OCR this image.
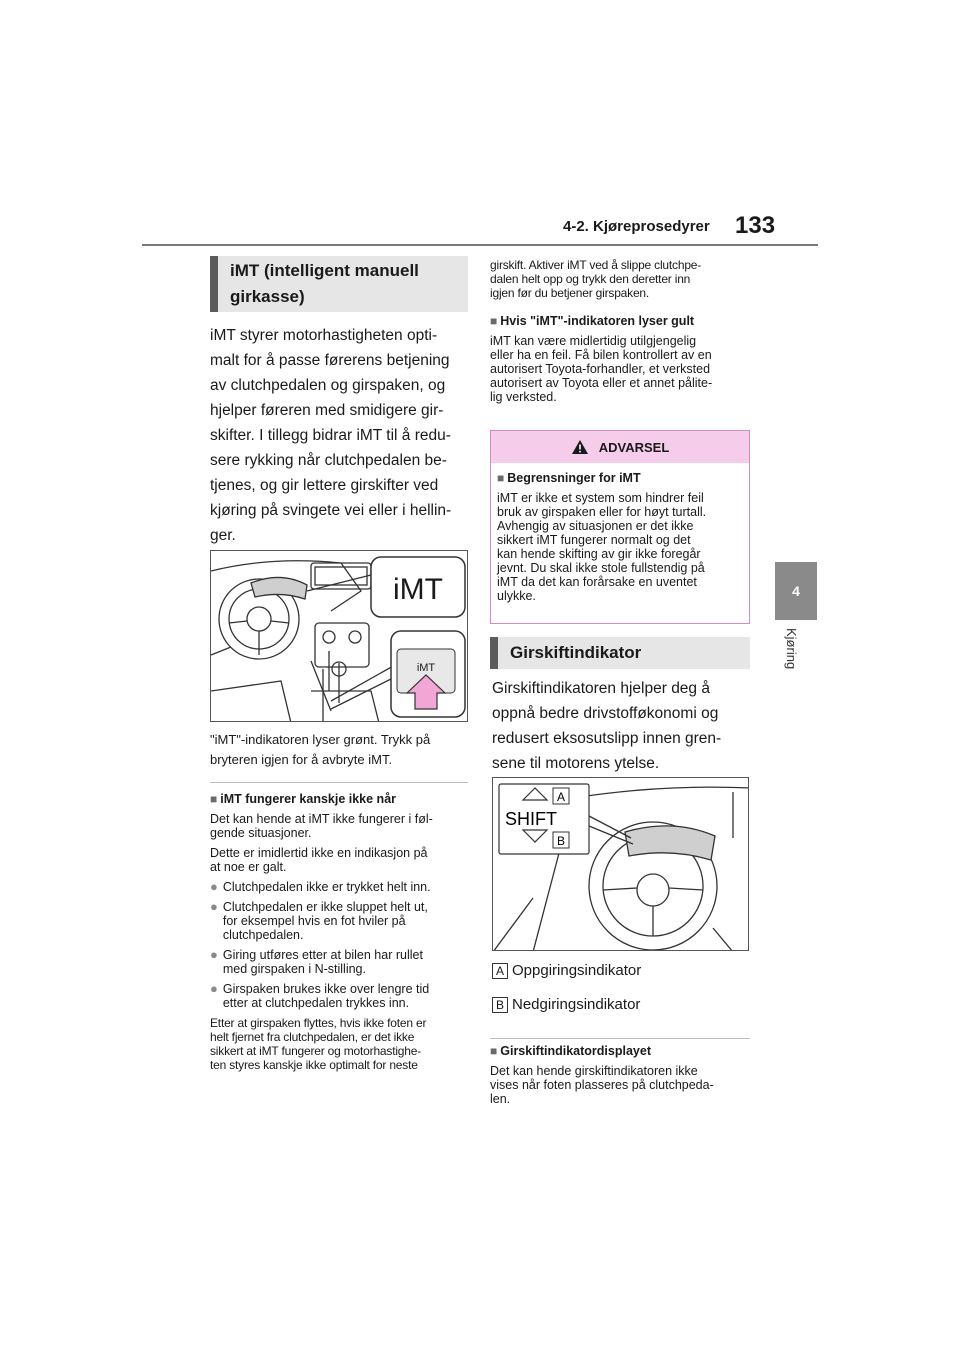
4-2. Kjøreprosedyrer 133
4
Kjøring
iMT (intelligent manuell
girkasse)
iMT styrer motorhastigheten opti-
malt for å passe førerens betjening
av clutchpedalen og girspaken, og
hjelper føreren med smidigere gir-
skifter. I tillegg bidrar iMT til å redu-
sere rykking når clutchpedalen be-
tjenes, og gir lettere girskifter ved
kjøring på svingete vei eller i hellin-
ger.
iMT
iMT
"iMT"-indikatoren lyser grønt. Trykk på
bryteren igjen for å avbryte iMT.

■ iMT fungerer kanskje ikke når

Det kan hende at iMT ikke fungerer i føl-
gende situasjoner.

Dette er imidlertid ikke en indikasjon på
at noe er galt.

● Clutchpedalen ikke er trykket helt inn.
● Clutchpedalen er ikke sluppet helt ut,
for eksempel hvis en fot hviler på
clutchpedalen.
● Giring utføres etter at bilen har rullet
med girspaken i N-stilling.
● Girspaken brukes ikke over lengre tid
etter at clutchpedalen trykkes inn.
Etter at girspaken flyttes, hvis ikke foten er
helt fjernet fra clutchpedalen, er det ikke
sikkert at iMT fungerer og motorhastighe-
ten styres kanskje ikke optimalt for neste
girskift. Aktiver iMT ved å slippe clutchpe-
dalen helt opp og trykk den deretter inn
igjen før du betjener girspaken.

■ Hvis "iMT"-indikatoren lyser gult

iMT kan være midlertidig utilgjengelig
eller ha en feil. Få bilen kontrollert av en
autorisert Toyota-forhandler, et verksted
autorisert av Toyota eller et annet pålite-
lig verksted.
ADVARSEL

■ Begrensninger for iMT

iMT er ikke et system som hindrer feil
bruk av girspaken eller for høyt turtall.
Avhengig av situasjonen er det ikke
sikkert iMT fungerer normalt og det
kan hende skifting av gir ikke foregår
jevnt. Du skal ikke stole fullstendig på
iMT da det kan forårsake en uventet
ulykke.
Girskiftindikator
Girskiftindikatoren hjelper deg å
oppnå bedre drivstofføkonomi og
redusert eksosutslipp innen gren-
sene til motorens ytelse.
A
SHIFT
B
A Oppgiringsindikator
B Nedgiringsindikator

■ Girskiftindikatordisplayet

Det kan hende girskiftindikatoren ikke
vises når foten plasseres på clutchpeda-
len.
